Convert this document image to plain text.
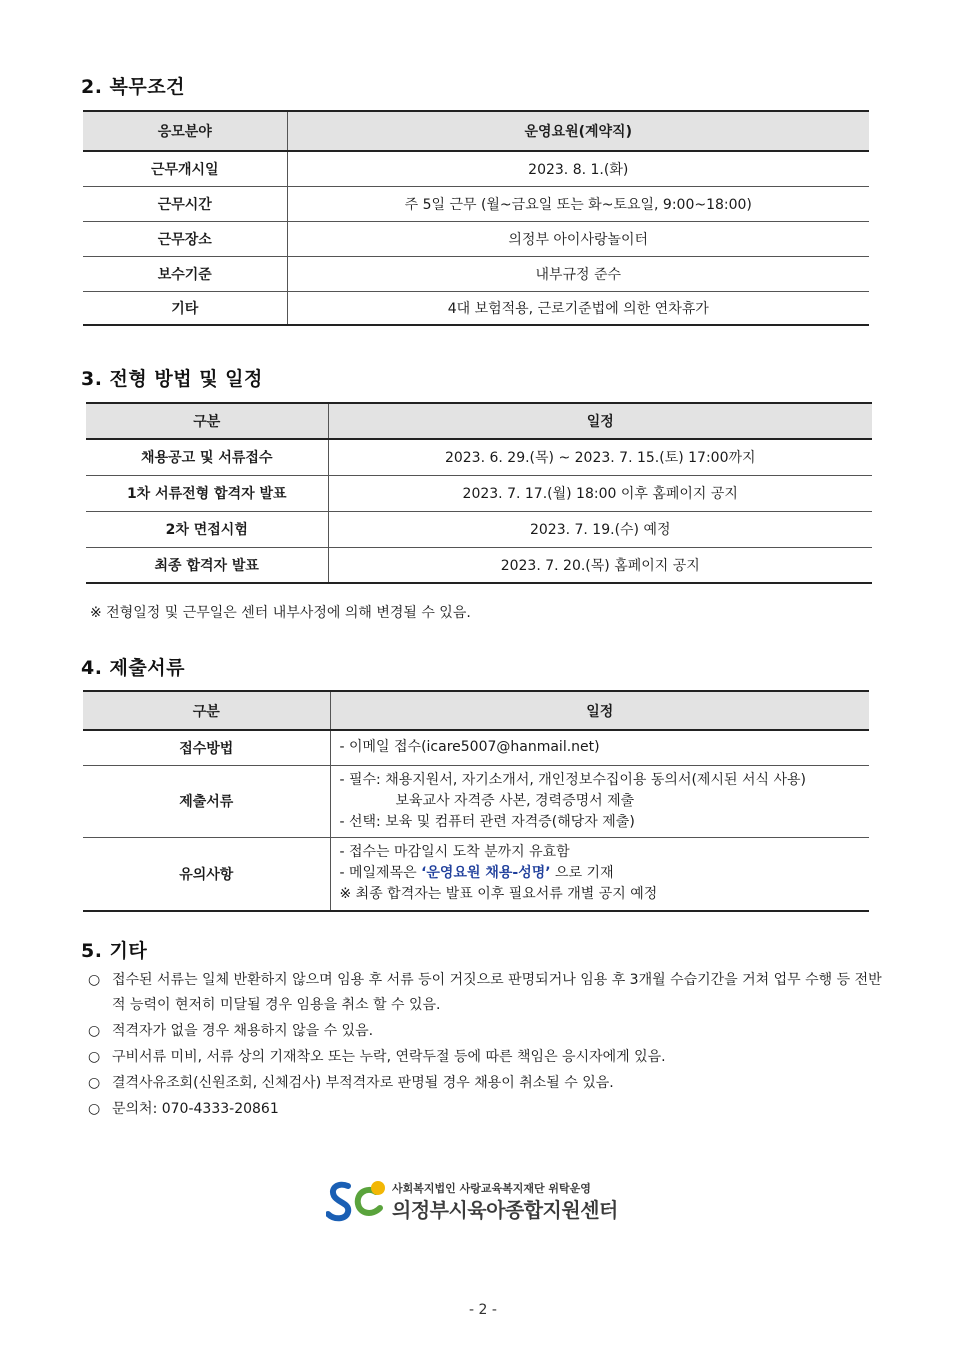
2. 복무조건
응모분야	운영요원(계약직)
근무개시일	2023. 8. 1.(화)
근무시간	주 5일 근무 (월~금요일 또는 화~토요일, 9:00~18:00)
근무장소	의정부 아이사랑놀이터
보수기준	내부규정 준수
기타	4대 보험적용, 근로기준법에 의한 연차휴가
3. 전형 방법 및 일정
구분	일정
채용공고 및 서류접수	2023. 6. 29.(목) ~ 2023. 7. 15.(토) 17:00까지
1차 서류전형 합격자 발표	2023. 7. 17.(월) 18:00 이후 홈페이지 공지
2차 면접시험	2023. 7. 19.(수) 예정
최종 합격자 발표	2023. 7. 20.(목) 홈페이지 공지
※ 전형일정 및 근무일은 센터 내부사정에 의해 변경될 수 있음.
4. 제출서류
구분	일정
접수방법	- 이메일 접수(icare5007@hanmail.net)

제출서류	- 필수: 채용지원서, 자기소개서, 개인정보수집이용 동의서(제시된 서식 사용)
보육교사 자격증 사본, 경력증명서 제출
- 선택: 보육 및 컴퓨터 관련 자격증(해당자 제출)

유의사항	- 접수는 마감일시 도착 분까지 유효함
- 메일제목은 ‘운영요원 채용-성명’ 으로 기재
※ 최종 합격자는 발표 이후 필요서류 개별 공지 예정
5. 기타
○ 접수된 서류는 일체 반환하지 않으며 임용 후 서류 등이 거짓으로 판명되거나 임용 후 3개월 수습기간을 거쳐 업무 수행 등 전반적 능력이 현저히 미달될 경우 임용을 취소 할 수 있음.
○ 적격자가 없을 경우 채용하지 않을 수 있음.
○ 구비서류 미비, 서류 상의 기재착오 또는 누락, 연락두절 등에 따른 책임은 응시자에게 있음.
○ 결격사유조회(신원조회, 신체검사) 부적격자로 판명될 경우 채용이 취소될 수 있음.
○ 문의처: 070-4333-20861
사회복지법인 사랑교육복지재단 위탁운영
의정부시육아종합지원센터
- 2 -
